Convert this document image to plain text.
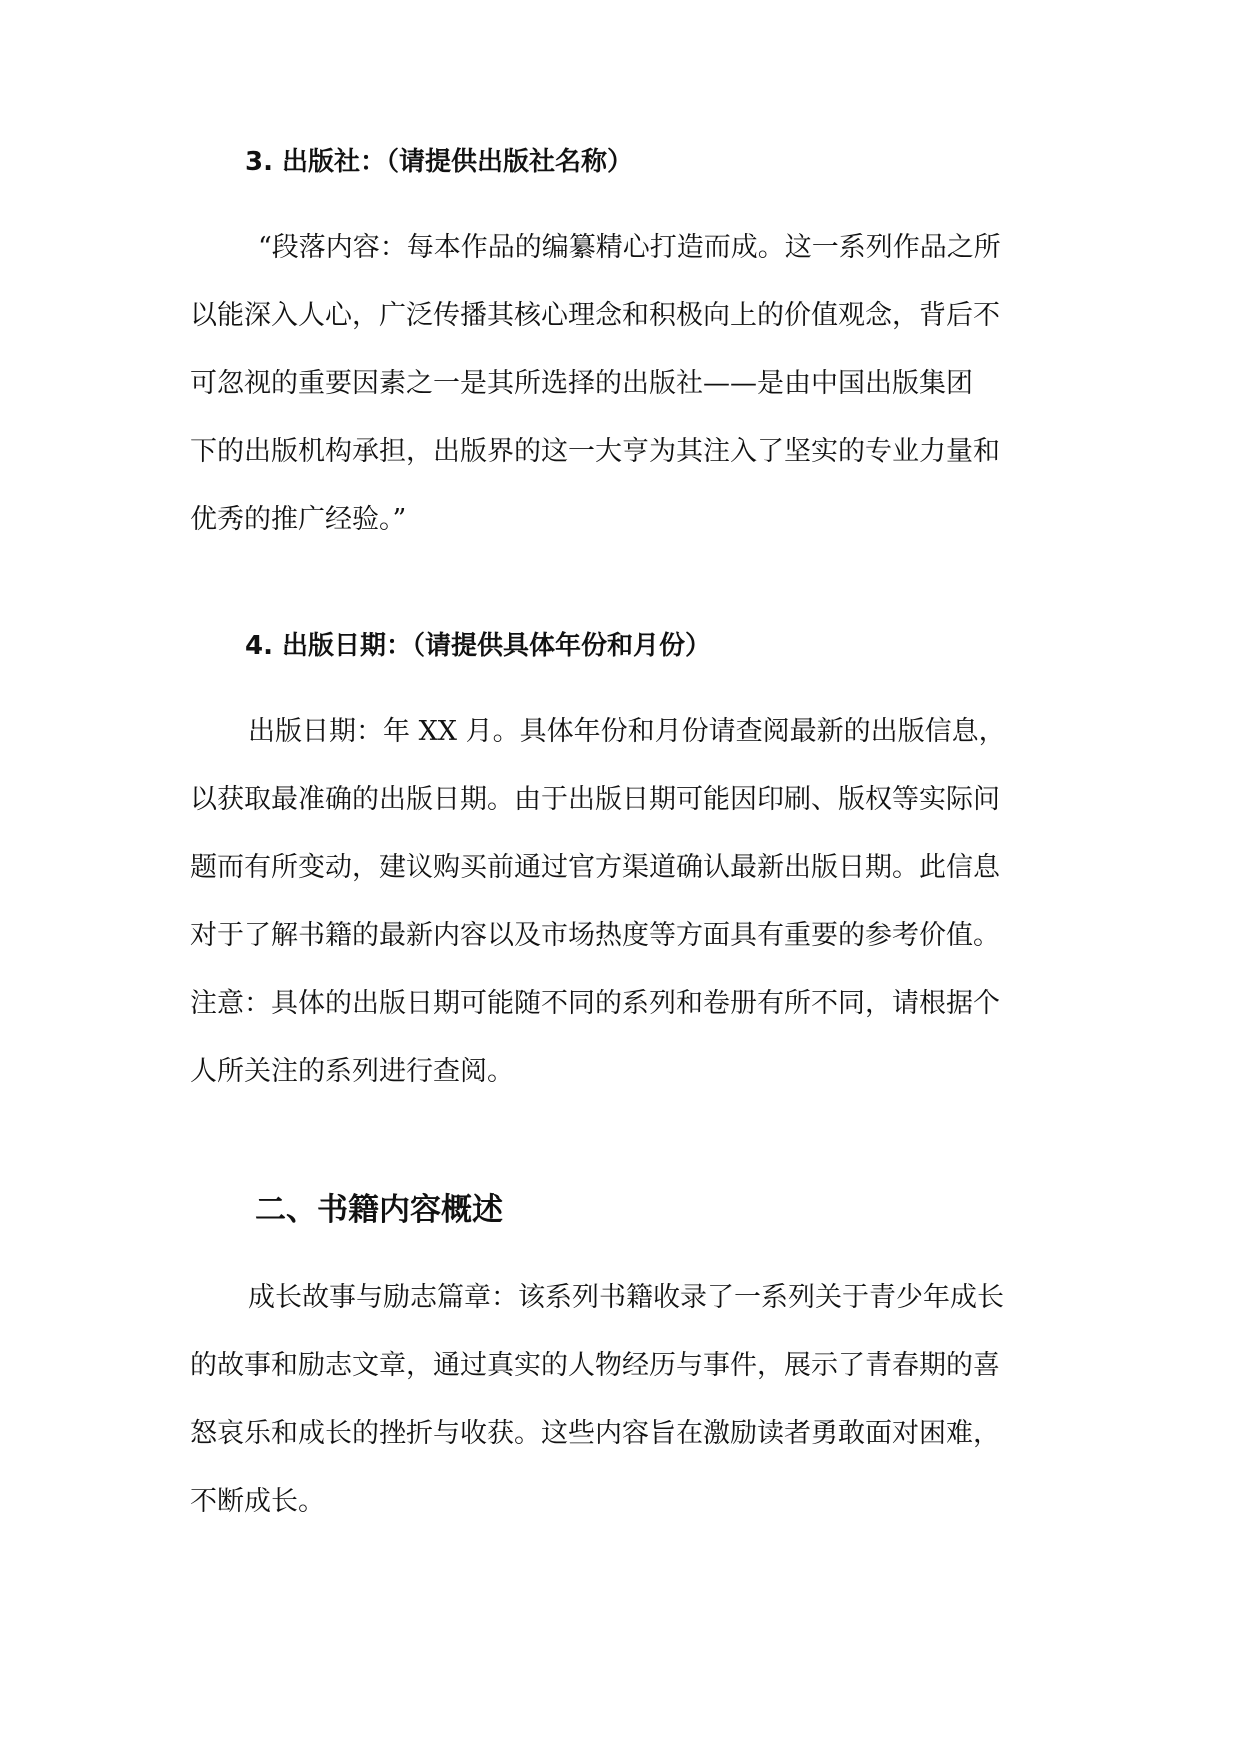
3. 出版社：（请提供出版社名称）
“段落内容：每本作品的编纂精心打造而成。这一系列作品之所
以能深入人心，广泛传播其核心理念和积极向上的价值观念，背后不
可忽视的重要因素之一是其所选择的出版社——是由中国出版集团
下的出版机构承担，出版界的这一大亨为其注入了坚实的专业力量和
优秀的推广经验。”
4. 出版日期：（请提供具体年份和月份）
出版日期：年 XX 月。具体年份和月份请查阅最新的出版信息，
以获取最准确的出版日期。由于出版日期可能因印刷、版权等实际问
题而有所变动，建议购买前通过官方渠道确认最新出版日期。此信息
对于了解书籍的最新内容以及市场热度等方面具有重要的参考价值。
注意：具体的出版日期可能随不同的系列和卷册有所不同，请根据个
人所关注的系列进行查阅。
二、书籍内容概述
成长故事与励志篇章：该系列书籍收录了一系列关于青少年成长
的故事和励志文章，通过真实的人物经历与事件，展示了青春期的喜
怒哀乐和成长的挫折与收获。这些内容旨在激励读者勇敢面对困难，
不断成长。
